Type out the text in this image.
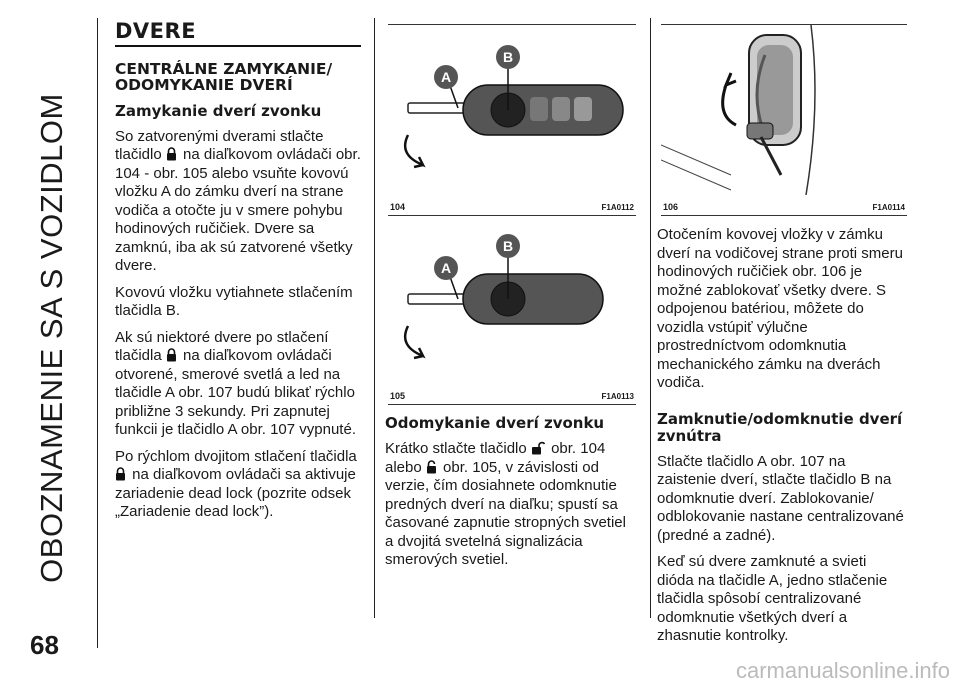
OBOZNAMENIE SA S VOZIDLOM
68
carmanualsonline.info
DVERE
CENTRÁLNE ZAMYKANIE/ ODOMYKANIE DVERÍ
Zamykanie dverí zvonku

So zatvorenými dverami stlačte tlačidlo na diaľkovom ovládači obr. 104 - obr. 105 alebo vsuňte kovovú vložku A do zámku dverí na strane vodiča a otočte ju v smere pohybu hodinových ručičiek. Dvere sa zamknú, iba ak sú zatvorené všetky dvere.

Kovovú vložku vytiahnete stlačením tlačidla B.

Ak sú niektoré dvere po stlačení tlačidla na diaľkovom ovládači otvorené, smerové svetlá a led na tlačidle A obr. 107 budú blikať rýchlo približne 3 sekundy. Pri zapnutej funkcii je tlačidlo A obr. 107 vypnuté.

Po rýchlom dvojitom stlačení tlačidla  na diaľkovom ovládači sa aktivuje zariadenie dead lock (pozrite odsek „Zariadenie dead lock”).

B
A
104	F1A0112
B
A
105	F1A0113
Odomykanie dverí zvonku

Krátko stlačte tlačidlo obr. 104 alebo obr. 105, v závislosti od verzie, čím dosiahnete odomknutie predných dverí na diaľku; spustí sa časované zapnutie stropných svetiel a dvojitá svetelná signalizácia smerových svetiel.

106	F1A0114

Otočením kovovej vložky v zámku dverí na vodičovej strane proti smeru hodinových ručičiek obr. 106 je možné zablokovať všetky dvere. S odpojenou batériou, môžete do vozidla vstúpiť výlučne prostredníctvom odomknutia mechanického zámku na dverách vodiča.

Zamknutie/odomknutie dverí zvnútra

Stlačte tlačidlo A obr. 107 na zaistenie dverí, stlačte tlačidlo B na odomknutie dverí. Zablokovanie/ odblokovanie nastane centralizované (predné a zadné).

Keď sú dvere zamknuté a svieti dióda na tlačidle A, jedno stlačenie tlačidla spôsobí centralizované odomknutie všetkých dverí a zhasnutie kontrolky.
